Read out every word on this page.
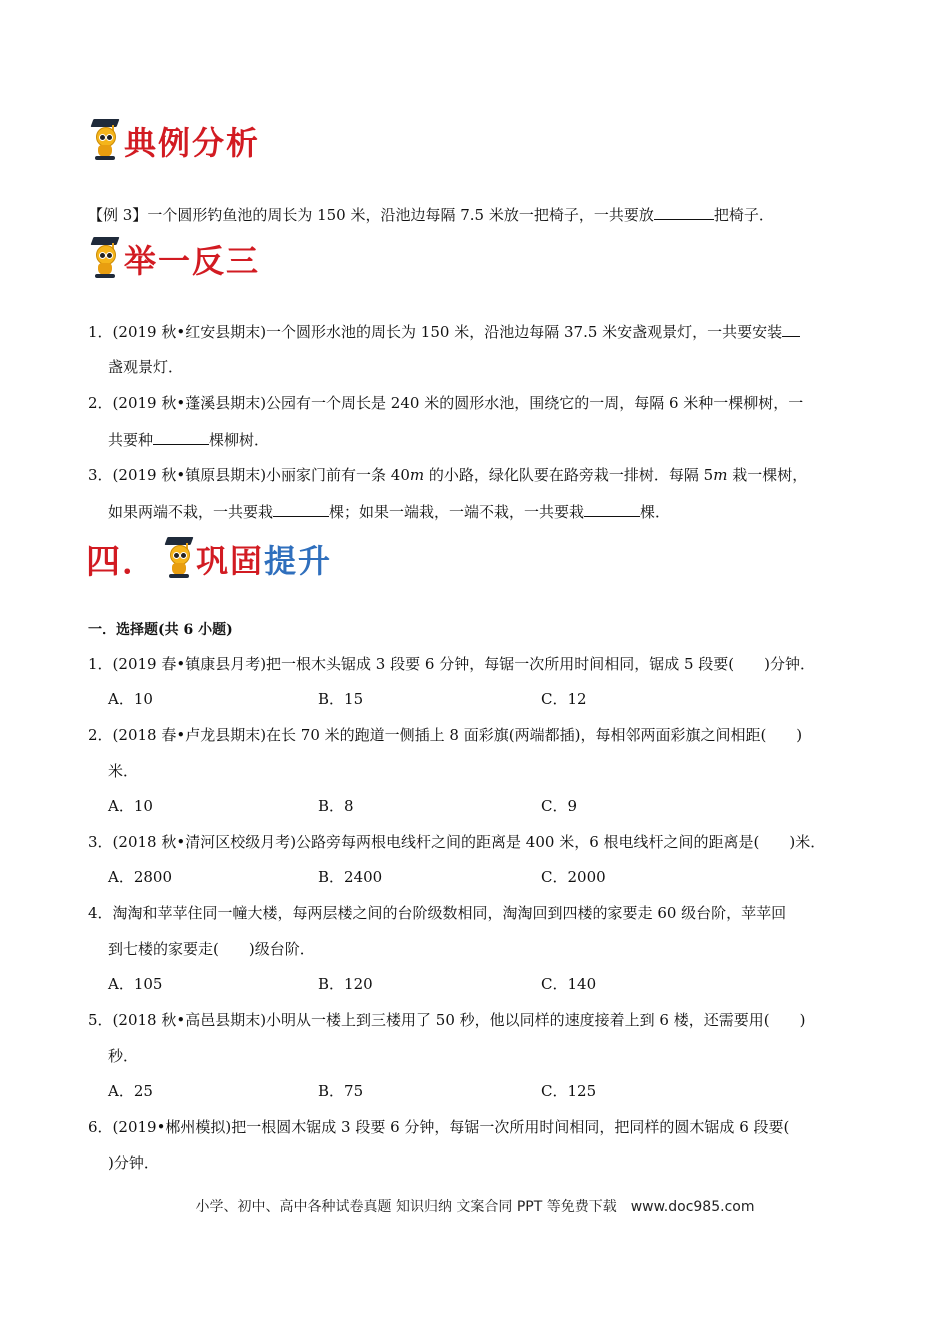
典例分析
【例 3】一个圆形钓鱼池的周长为 150 米，沿池边每隔 7.5 米放一把椅子，一共要放	把椅子．
举一反三
1．(2019 秋•红安县期末)一个圆形水池的周长为 150 米，沿池边每隔 37.5 米安盏观景灯，一共要安装
盏观景灯．
2．(2019 秋•蓬溪县期末)公园有一个周长是 240 米的圆形水池，围绕它的一周，每隔 6 米种一棵柳树，一
共要种	棵柳树．
3．(2019 秋•镇原县期末)小丽家门前有一条 40m 的小路，绿化队要在路旁栽一排树．每隔 5m 栽一棵树，
如果两端不栽，一共要栽	棵；如果一端栽，一端不栽，一共要栽	棵．
四． 巩固 提升
一．选择题(共 6 小题)
1．(2019 春•镇康县月考)把一根木头锯成 3 段要 6 分钟，每锯一次所用时间相同，锯成 5 段要(　　)分钟．
A．10	B．15	C．12
2．(2018 春•卢龙县期末)在长 70 米的跑道一侧插上 8 面彩旗(两端都插)，每相邻两面彩旗之间相距(　　)
米．
A．10	B．8	C．9
3．(2018 秋•清河区校级月考)公路旁每两根电线杆之间的距离是 400 米，6 根电线杆之间的距离是(　　)米．
A．2800	B．2400	C．2000
4．淘淘和苹苹住同一幢大楼，每两层楼之间的台阶级数相同，淘淘回到四楼的家要走 60 级台阶，苹苹回
到七楼的家要走(　　)级台阶．
A．105	B．120	C．140
5．(2018 秋•高邑县期末)小明从一楼上到三楼用了 50 秒，他以同样的速度接着上到 6 楼，还需要用(　　)
秒．
A．25	B．75	C．125
6．(2019•郴州模拟)把一根圆木锯成 3 段要 6 分钟，每锯一次所用时间相同，把同样的圆木锯成 6 段要(
)分钟．
小学、初中、高中各种试卷真题 知识归纳 文案合同 PPT 等免费下载　www.doc985.com
